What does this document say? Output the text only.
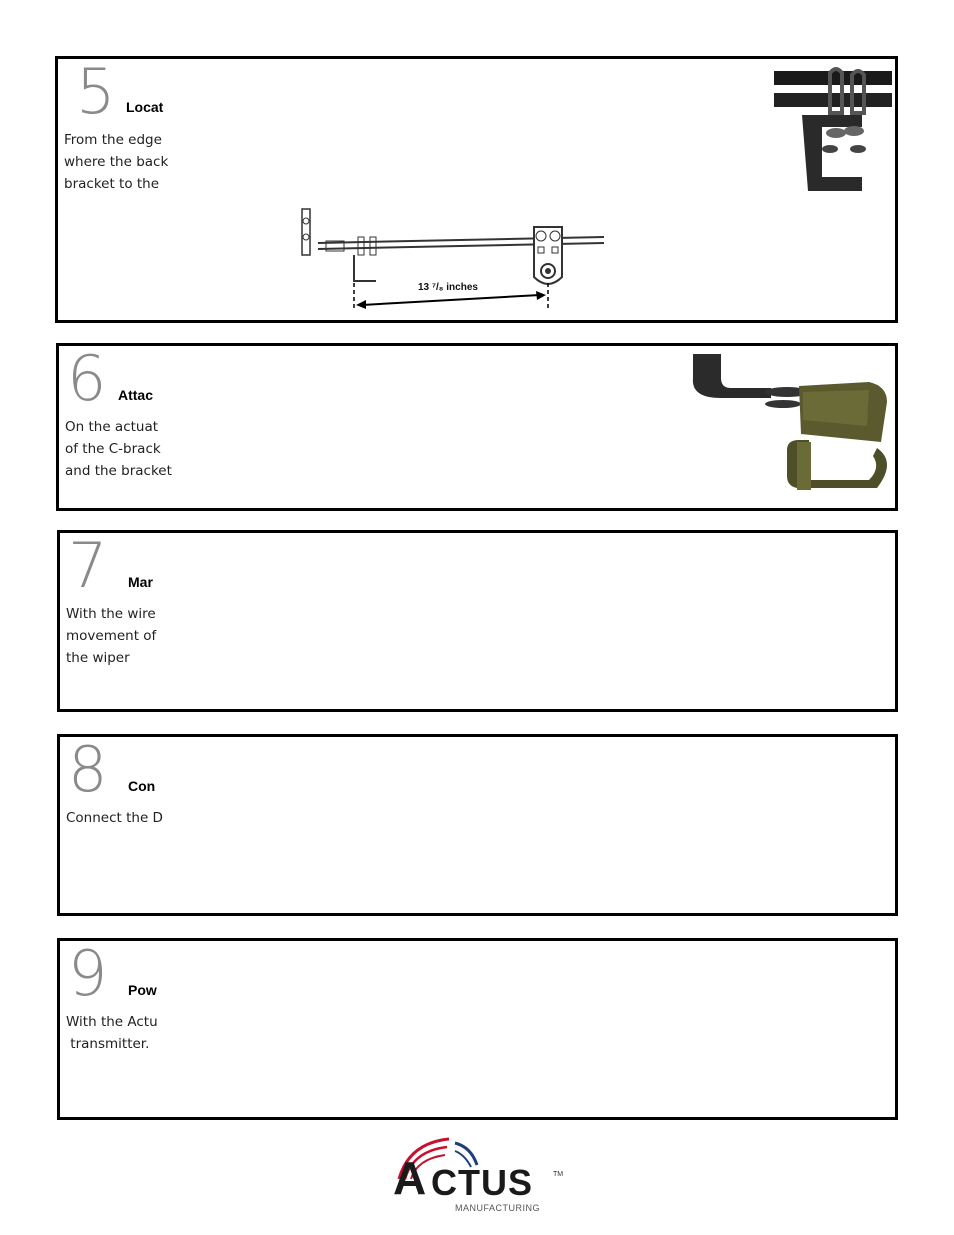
5 Locat
From the edge
where the back
bracket to the
13 ⁷/₈ inches
6 Attac
On the actuat
of the C-brack
and the bracket
7 Mar
With the wire
movement of
the wiper
8 Con
Connect the D
9 Pow
With the Actu
transmitter.
A CTUS	TM
MANUFACTURING
